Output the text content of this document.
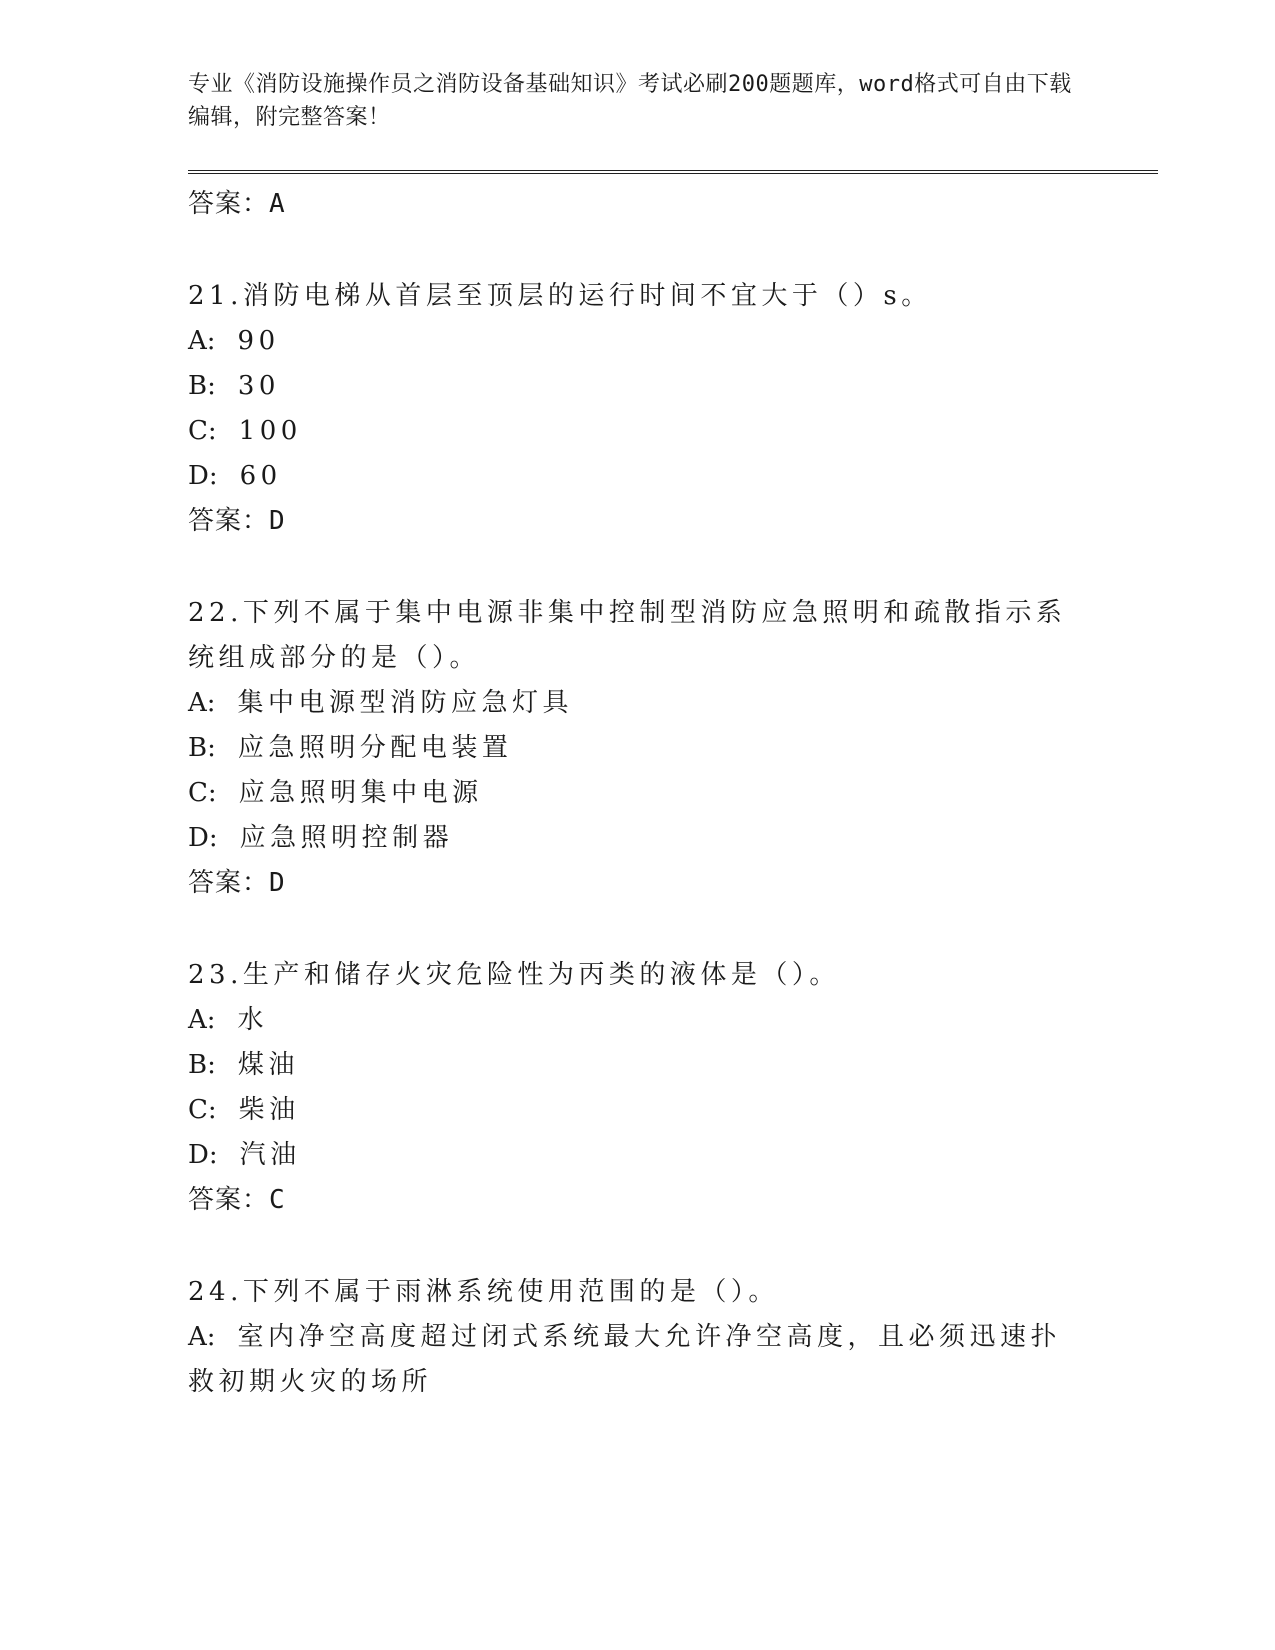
专业《消防设施操作员之消防设备基础知识》考试必刷200题题库，word格式可自由下载编辑，附完整答案！

答案：A

21.消防电梯从首层至顶层的运行时间不宜大于（）s。

A: 90

B: 30

C: 100

D: 60

答案：D

22.下列不属于集中电源非集中控制型消防应急照明和疏散指示系统组成部分的是（）。

A: 集中电源型消防应急灯具

B: 应急照明分配电装置

C: 应急照明集中电源

D: 应急照明控制器

答案：D

23.生产和储存火灾危险性为丙类的液体是（）。

A: 水

B: 煤油

C: 柴油

D: 汽油

答案：C

24.下列不属于雨淋系统使用范围的是（）。

A: 室内净空高度超过闭式系统最大允许净空高度，且必须迅速扑救初期火灾的场所
